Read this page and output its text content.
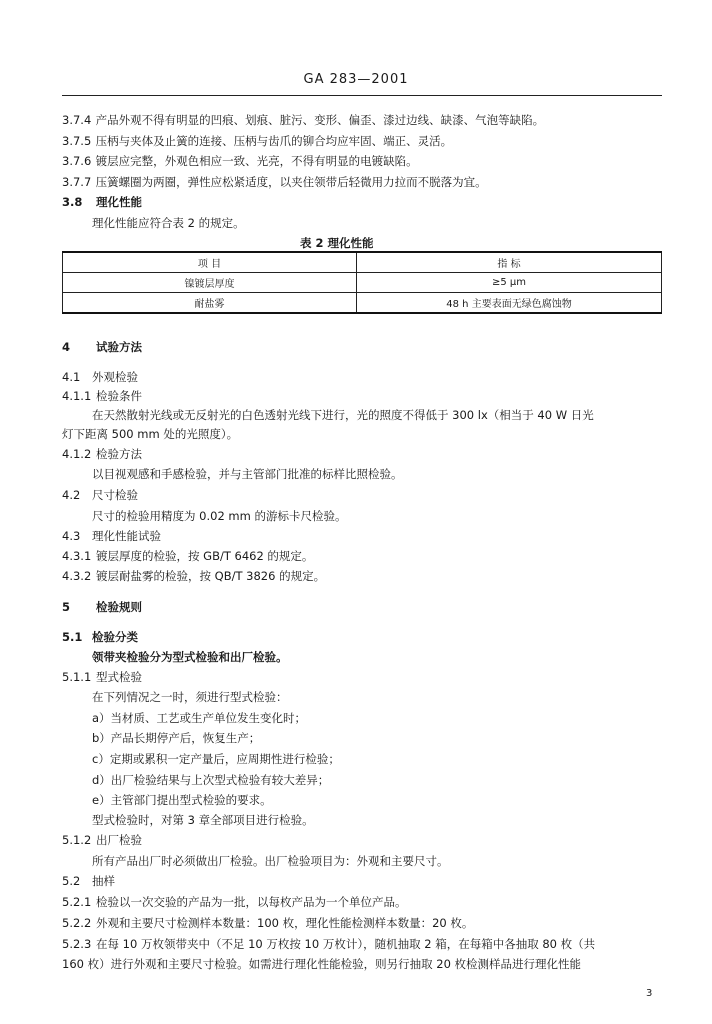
GA 283—2001
3.7.4 产品外观不得有明显的凹痕、划痕、脏污、变形、偏歪、漆过边线、缺漆、气泡等缺陷。
3.7.5 压柄与夹体及止簧的连接、压柄与齿爪的铆合均应牢固、端正、灵活。
3.7.6 镀层应完整，外观色相应一致、光亮，不得有明显的电镀缺陷。
3.7.7 压簧螺圈为两圈，弹性应松紧适度，以夹住领带后轻微用力拉而不脱落为宜。
3.8 理化性能
理化性能应符合表 2 的规定。
表 2 理化性能
项 目	指 标
镍镀层厚度	≥5 μm
耐盐雾	48 h 主要表面无绿色腐蚀物
4 试验方法
4.1 外观检验
4.1.1 检验条件
在天然散射光线或无反射光的白色透射光线下进行，光的照度不得低于 300 lx（相当于 40 W 日光
灯下距离 500 mm 处的光照度）。
4.1.2 检验方法
以目视观感和手感检验，并与主管部门批准的标样比照检验。
4.2 尺寸检验
尺寸的检验用精度为 0.02 mm 的游标卡尺检验。
4.3 理化性能试验
4.3.1 镀层厚度的检验，按 GB/T 6462 的规定。
4.3.2 镀层耐盐雾的检验，按 QB/T 3826 的规定。
5 检验规则
5.1 检验分类
领带夹检验分为型式检验和出厂检验。
5.1.1 型式检验
在下列情况之一时，须进行型式检验：
a）当材质、工艺或生产单位发生变化时；
b）产品长期停产后，恢复生产；
c）定期或累积一定产量后，应周期性进行检验；
d）出厂检验结果与上次型式检验有较大差异；
e）主管部门提出型式检验的要求。
型式检验时，对第 3 章全部项目进行检验。
5.1.2 出厂检验
所有产品出厂时必须做出厂检验。出厂检验项目为：外观和主要尺寸。
5.2 抽样
5.2.1 检验以一次交验的产品为一批，以每枚产品为一个单位产品。
5.2.2 外观和主要尺寸检测样本数量：100 枚，理化性能检测样本数量：20 枚。
5.2.3 在每 10 万枚领带夹中（不足 10 万枚按 10 万枚计），随机抽取 2 箱，在每箱中各抽取 80 枚（共
160 枚）进行外观和主要尺寸检验。如需进行理化性能检验，则另行抽取 20 枚检测样品进行理化性能
3
